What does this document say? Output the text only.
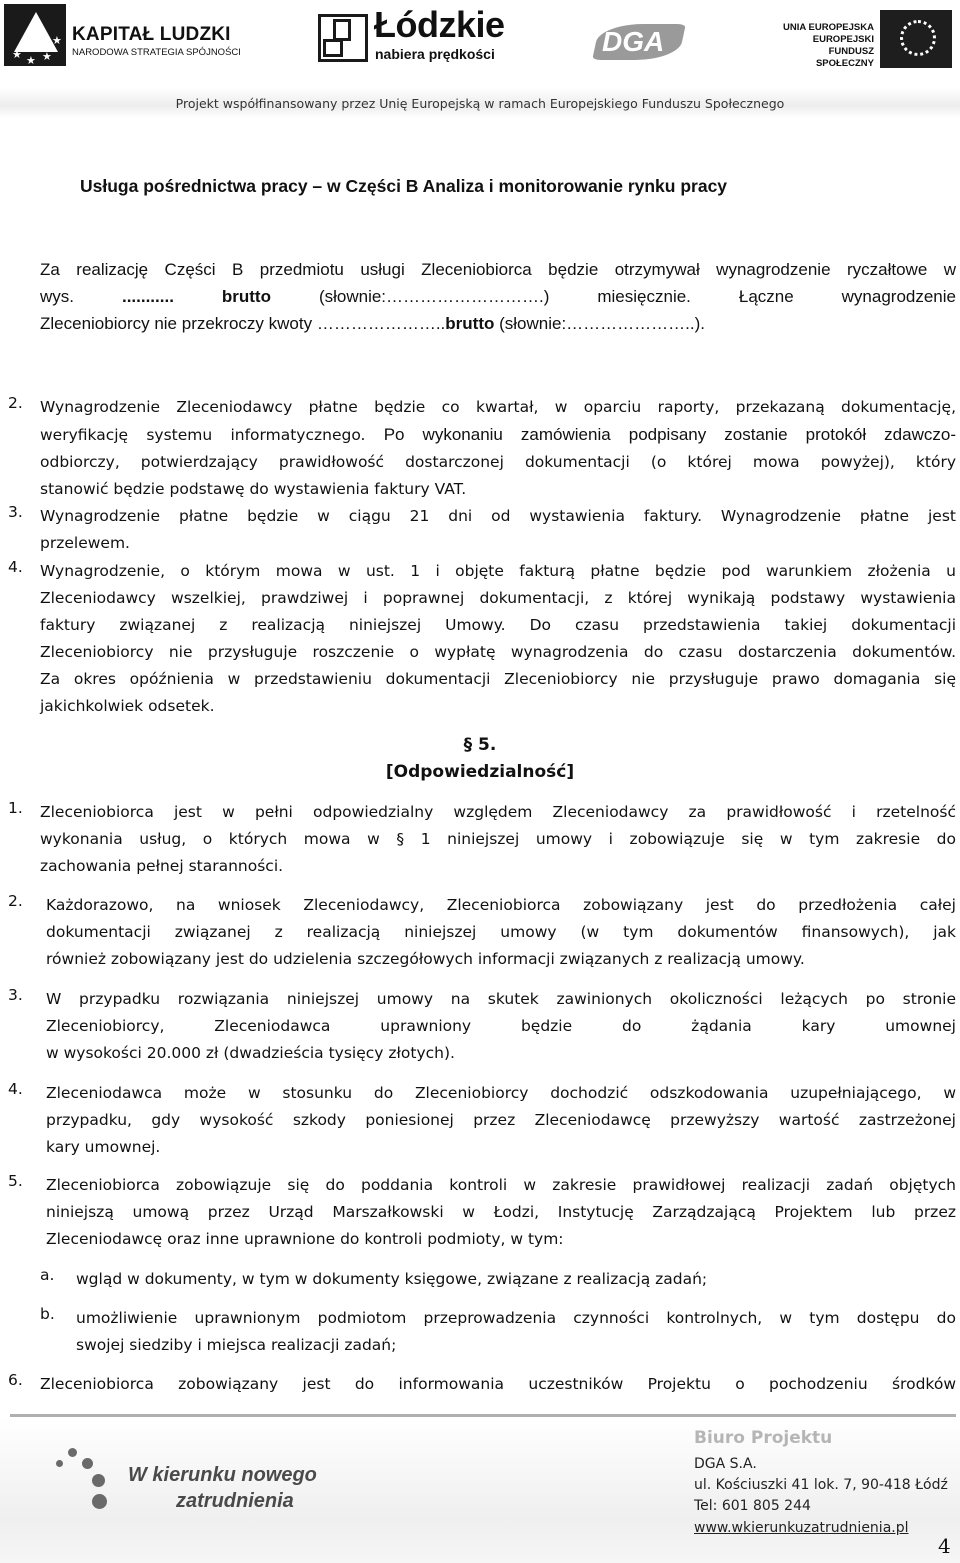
★ ★ ★
★ KAPITAŁ LUDZKI
NARODOWA STRATEGIA SPÓJNOŚCI
Łódzkie
nabiera prędkości	DGA	UNIA EUROPEJSKA
EUROPEJSKI
FUNDUSZ SPOŁECZNY
Projekt współfinansowany przez Unię Europejską w ramach Europejskiego Funduszu Społecznego
Usługa pośrednictwa pracy – w Części B Analiza i monitorowanie rynku pracy
Za realizację Części B przedmiotu usługi Zleceniobiorca będzie otrzymywał wynagrodzenie ryczałtowe w
wys. ........... brutto (słownie:……………………….) miesięcznie. Łączne wynagrodzenie
Zleceniobiorcy nie przekroczy kwoty …………………..brutto (słownie:…………………..).
2. Wynagrodzenie Zleceniodawcy płatne będzie co kwartał, w oparciu raporty, przekazaną dokumentację,
weryfikację systemu informatycznego. Po wykonaniu zamówienia podpisany zostanie protokół zdawczo-
odbiorczy, potwierdzający prawidłowość dostarczonej dokumentacji (o której mowa powyżej), który
stanowić będzie podstawę do wystawienia faktury VAT.
3. Wynagrodzenie płatne będzie w ciągu 21 dni od wystawienia faktury. Wynagrodzenie płatne jest
przelewem.
4. Wynagrodzenie, o którym mowa w ust. 1 i objęte fakturą płatne będzie pod warunkiem złożenia u
Zleceniodawcy wszelkiej, prawdziwej i poprawnej dokumentacji, z której wynikają podstawy wystawienia
faktury związanej z realizacją niniejszej Umowy. Do czasu przedstawienia takiej dokumentacji
Zleceniobiorcy nie przysługuje roszczenie o wypłatę wynagrodzenia do czasu dostarczenia dokumentów.
Za okres opóźnienia w przedstawieniu dokumentacji Zleceniobiorcy nie przysługuje prawo domagania się
jakichkolwiek odsetek.
§ 5.
[Odpowiedzialność]
1. Zleceniobiorca jest w pełni odpowiedzialny względem Zleceniodawcy za prawidłowość i rzetelność
wykonania usług, o których mowa w § 1 niniejszej umowy i zobowiązuje się w tym zakresie do
zachowania pełnej staranności.
2. Każdorazowo, na wniosek Zleceniodawcy, Zleceniobiorca zobowiązany jest do przedłożenia całej
dokumentacji związanej z realizacją niniejszej umowy (w tym dokumentów finansowych), jak
również zobowiązany jest do udzielenia szczegółowych informacji związanych z realizacją umowy.
3. W przypadku rozwiązania niniejszej umowy na skutek zawinionych okoliczności leżących po stronie
Zleceniobiorcy, Zleceniodawca uprawniony będzie do żądania kary umownej
w wysokości 20.000 zł (dwadzieścia tysięcy złotych).
4. Zleceniodawca może w stosunku do Zleceniobiorcy dochodzić odszkodowania uzupełniającego, w
przypadku, gdy wysokość szkody poniesionej przez Zleceniodawcę przewyższy wartość zastrzeżonej
kary umownej.
5. Zleceniobiorca zobowiązuje się do poddania kontroli w zakresie prawidłowej realizacji zadań objętych
niniejszą umową przez Urząd Marszałkowski w Łodzi, Instytucję Zarządzającą Projektem lub przez
Zleceniodawcę oraz inne uprawnione do kontroli podmioty, w tym:
a. wgląd w dokumenty, w tym w dokumenty księgowe, związane z realizacją zadań;
b. umożliwienie uprawnionym podmiotom przeprowadzenia czynności kontrolnych, w tym dostępu do
swojej siedziby i miejsca realizacji zadań;
6. Zleceniobiorca zobowiązany jest do informowania uczestników Projektu o pochodzeniu środków
W kierunku nowego
zatrudnienia
Biuro Projektu
DGA S.A.
ul. Kościuszki 41 lok. 7, 90-418 Łódź
Tel: 601 805 244
www.wkierunkuzatrudnienia.pl
4
